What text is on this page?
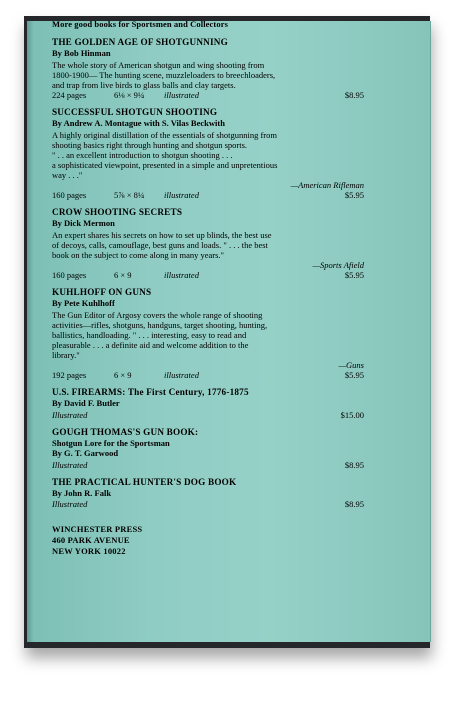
More good books for Sportsmen and Collectors
THE GOLDEN AGE OF SHOTGUNNING
By Bob Hinman
The whole story of American shotgun and wing shooting from
1800-1900— The hunting scene, muzzleloaders to breechloaders,
and trap from live birds to glass balls and clay targets.
224 pages	6⅛ × 9¼ illustrated	$8.95
SUCCESSFUL SHOTGUN SHOOTING
By Andrew A. Montague with S. Vilas Beckwith
A highly original distillation of the essentials of shotgunning from
shooting basics right through hunting and shotgun sports.
" . . an excellent introduction to shotgun shooting . . .
a sophisticated viewpoint, presented in a simple and unpretentious
way . . ."
—American Rifleman
160 pages	5⅞ × 8¼ illustrated	$5.95
CROW SHOOTING SECRETS
By Dick Mermon
An expert shares his secrets on how to set up blinds, the best use
of decoys, calls, camouflage, best guns and loads. " . . . the best
book on the subject to come along in many years."
—Sports Afield
160 pages	6 × 9	illustrated	$5.95
KUHLHOFF ON GUNS
By Pete Kuhlhoff
The Gun Editor of Argosy covers the whole range of shooting
activities—rifles, shotguns, handguns, target shooting, hunting,
ballistics, handloading. " . . . interesting, easy to read and
pleasurable . . . a definite aid and welcome addition to the
library."
—Guns
192 pages	6 × 9	illustrated	$5.95
U.S. FIREARMS: The First Century, 1776-1875
By David F. Butler
Illustrated	$15.00
GOUGH THOMAS'S GUN BOOK:
Shotgun Lore for the Sportsman
By G. T. Garwood
Illustrated	$8.95
THE PRACTICAL HUNTER'S DOG BOOK
By John R. Falk
Illustrated	$8.95
WINCHESTER PRESS
460 PARK AVENUE
NEW YORK 10022
